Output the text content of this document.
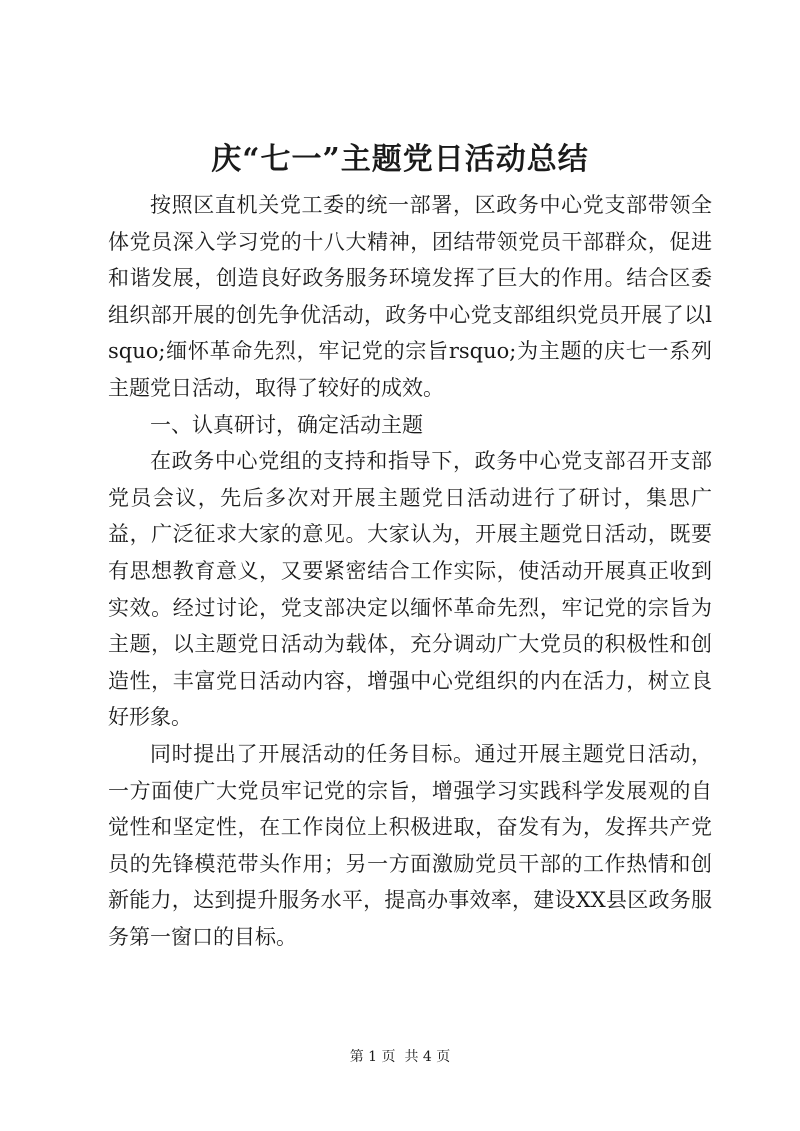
庆“七一”主题党日活动总结

按照区直机关党工委的统一部署，区政务中心党支部带领全体党员深入学习党的十八大精神，团结带领党员干部群众，促进和谐发展，创造良好政务服务环境发挥了巨大的作用。结合区委组织部开展的创先争优活动，政务中心党支部组织党员开展了以lsquo;缅怀革命先烈，牢记党的宗旨rsquo;为主题的庆七一系列主题党日活动，取得了较好的成效。

一、认真研讨，确定活动主题

在政务中心党组的支持和指导下，政务中心党支部召开支部党员会议，先后多次对开展主题党日活动进行了研讨，集思广益，广泛征求大家的意见。大家认为，开展主题党日活动，既要有思想教育意义，又要紧密结合工作实际，使活动开展真正收到实效。经过讨论，党支部决定以缅怀革命先烈，牢记党的宗旨为主题，以主题党日活动为载体，充分调动广大党员的积极性和创造性，丰富党日活动内容，增强中心党组织的内在活力，树立良好形象。

同时提出了开展活动的任务目标。通过开展主题党日活动，一方面使广大党员牢记党的宗旨，增强学习实践科学发展观的自觉性和坚定性，在工作岗位上积极进取，奋发有为，发挥共产党员的先锋模范带头作用；另一方面激励党员干部的工作热情和创新能力，达到提升服务水平，提高办事效率，建设XX县区政务服务第一窗口的目标。

第 1 页  共 4 页
